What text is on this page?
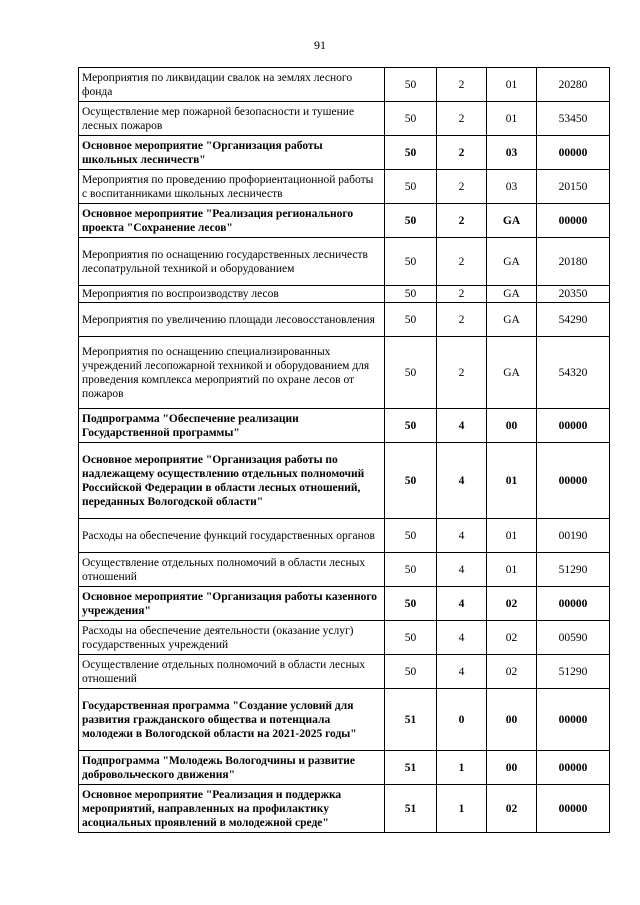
91
Мероприятия по ликвидации свалок на землях лесного фонда	50	2	01	20280
Осуществление мер пожарной безопасности и тушение лесных пожаров	50	2	01	53450
Основное мероприятие "Организация работы школьных лесничеств"	50	2	03	00000
Мероприятия по проведению профориентационной работы с воспитанниками школьных лесничеств	50	2	03	20150
Основное мероприятие "Реализация регионального проекта "Сохранение лесов"	50	2	GA	00000
Мероприятия по оснащению государственных лесничеств лесопатрульной техникой и оборудованием	50	2	GA	20180
Мероприятия по воспроизводству лесов	50	2	GA	20350
Мероприятия по увеличению площади лесовосстановления	50	2	GA	54290
Мероприятия по оснащению специализированных учреждений лесопожарной техникой и оборудованием для проведения комплекса мероприятий по охране лесов от пожаров	50	2	GA	54320
Подпрограмма "Обеспечение реализации Государственной программы"	50	4	00	00000
Основное мероприятие "Организация работы по надлежащему осуществлению отдельных полномочий Российской Федерации в области лесных отношений, переданных Вологодской области"	50	4	01	00000
Расходы на обеспечение функций государственных органов	50	4	01	00190
Осуществление отдельных полномочий в области лесных отношений	50	4	01	51290
Основное мероприятие "Организация работы казенного учреждения"	50	4	02	00000
Расходы на обеспечение деятельности (оказание услуг) государственных учреждений	50	4	02	00590
Осуществление отдельных полномочий в области лесных отношений	50	4	02	51290
Государственная программа "Создание условий для развития гражданского общества и потенциала молодежи в Вологодской области на 2021-2025 годы"	51	0	00	00000
Подпрограмма "Молодежь Вологодчины и развитие добровольческого движения"	51	1	00	00000
Основное мероприятие "Реализация и поддержка мероприятий, направленных на профилактику асоциальных проявлений в молодежной среде"	51	1	02	00000
